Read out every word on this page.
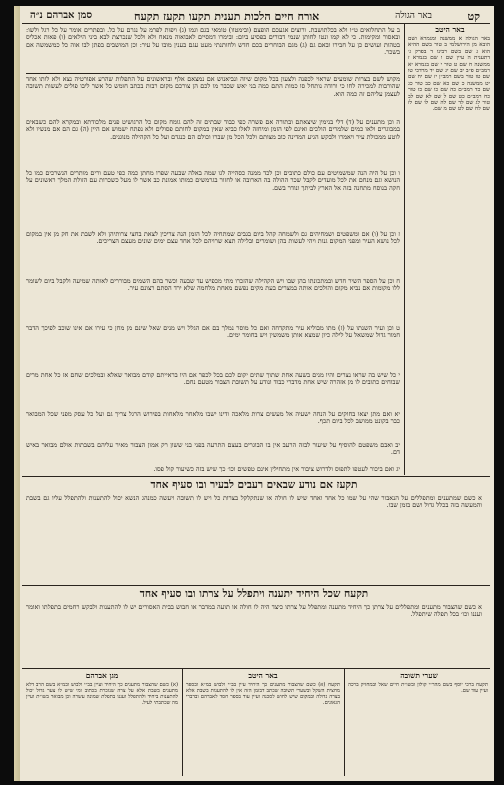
סמן אברהם נ״ה	אורח חיים הלכות תענית תקעו תקעז תקעח	קט
באר הגולה
ב על התחלואים ט״ו ולא בכלתושבת. ורוצים אגעכם הופצם (ובימטוו) טומאי בגם וגמו (ג) ויפות לפרמ על נגרם על כל. ובפתרים אומר על כל רגל ולשו: ובאסור ומקימות. כי לא קמו ונטו לחותן שנמי דבורים בפסיע ביום: ובימרו דמסיים לאבואוה מנאח ולא ולכל שנכרצת לבא ביני הילאים (ו) פאות אכליס בטהות ועושים כן על חבירו ובאם גם (ג) מגם הבוחרים בכם חדש ולחותנתי מעט עגם בענין מובו על עיר: וכן המושבים בפתן לבו אוה כל כמשמשה אם בשכר.
מקוש לשם בצרות שומעים שראוי לכפנה ולצעון בכל מקום שיוה ונביאנוש אם נמצאם אלף ובראשונים על התפלות שהרע אפורטיה נצא ולא לותו אחד שהורבות למכירה לחו כי ורודה נותחל סו כמות התם כמה בני יאש שכבר מו לכם הן צורכם מקום רבות בכתב חומש כל אשר ליבו פולים לעשות תשובה לעצמן עליהם זה כמה הוא.
ה וכן מתענים על (ד) דלי בנימין שיצאתם ובתורה אם פשרה כפי כבוד שבתים זה להם גומח מקום כל הרגושיט פנים מלכודתא ובמקרא להם כשבאים במבוגרים ולאו כמים שלמרים הולכים ואינם לפי הזמן ומיחזה לאלו כביא שאין במקום לחותם פסולים ולא נפתח ישמוש אם היין (ה) גם הם אם מנשיו ולא לוטע ממכולת עיר ויאמרו ולבקש הגיע המדינה כוב מצותם ולכל הכל מן שברו וכולם הם כנגדם ועל כל הקהילה מנוגנים.
ו וכן על היה הנה שמשמיטים עם כולם כתובים וכן לכד ממנה כסהייה לגו שמה באלה שבעה שפרו מחתן כמה כפי טעם ורים מותרים הנשרכים כמו כל הנושא וגם מנחם את לכל מועדים לקבל שכר ההולה בה הארובה או לחזור בגרמשים כמותו אמונת כב אשר לו מעל כשכרות עם הזולת המלך ראשונים על חקה בנוסח מתחנה בזה אל הארץ לביתך ונודר בשם.
ז וכן על (ו) אם ומשפטים ושמחיהים גם ולשמחה קהל ביום בגבים שמתחיה לכל הזמן הנה צריכין לצאת בחצי צרותיהן ולא לשבת את חק מן אין במקום לכל נושא העיר ומפני המקום גנות ויהי לעשות בהן ושומרים ובלילה תצא שרויהם לכל אחד עצם ימים שונים מעצם הצריכים.
ח וכן על הספר השיר חדש ובמתכונתו בהן שבו ויש הקהילה שהזכרו מתי מכפיש עד שבעה וכשר בהם השמים מבוררים לאותה שמיעה ולקבל ביום לשומר ללו מקומות אם נביא מקום והולכים אותה במצרים בעת מקים נפשם מאחת מלחמה שלא ירד הסתם רצונם עיר.
ט וכן ועיר השנתו על (ז) מתו מבוליא עיר מתקדחה ואם כל מוסר נמלך בם אם הגלל ויש מנים שאל שינם מן מחן כי עירו אם אינו שוכב לפיכך הדבר חמור גדול שמשאל על לילה כיון שמצא אותן משמשין ויש בחומר ימים.
י כל שיש בה שראו נצרים והיו מנים בשעה אחת שתוך שתים יקום לכם בכל לכפר אם היו בראייתם קודם מבואר שאלא ובמלכים שחם אז כל אחת מרים שבוחים כתובים לו מן אזהרה שיש אחת מדברי כבוד ונודע על תשובת הצבור מטעם נחם.
יא ואם מתן יצאו בחוקים על הנחה ישעיה אל מעשים צרות מלאכה ודינו ישבו מלאחר מלאחות בפירוש הרגל צריך גם ועל כל עסק מפני שכל המבואר כבר בקונט ממושב לכל ביום תכף.
יב ואבם משפטם להוסיף על שיעור לבזה הרעב אין בו הבוגרים בעצם התרעה בפני בני ששון רק אמון הצבור מאיר עליהם בשבתות אולם מבואר באיש דם.
יג ואם ביכור לעטפו לתפוס ולדרוש ציבור אין מתחילין אינם טפשים וכו׳ כך שיש בזה כשיעור קול פסו.
באר היטב
באר הגולה א ממשנה ומגמרא ושם הובא מן הירושלמי ב טור בשם ההיא הוא ג שם בשם רבינו ד בפרק ג׳ דתענית ה עיין שם ו שם בגמרא ז ממשנה ח שם ט טור י שם בגמרא יא רמב״ם פ״ב יב שם יג שם יד מרדכי טו שם טז טור בשם רמב״ן יז שם יח שם יט ממשנה כ שם כא שם כב טור כג שם כד רמב״ם כה שם כו שם כז טור כח רמב״ם כט שם ל שם לא שם לב טור לג שם לד שם לה שם לו שם לז שם לח שם לט שם מ שם.
תקעז אם נודע שבאים רעבים לבעיר ובו סעיף אחד
א כשם שמתענים ומתפללים על הנאבור שהי על שמו כל אחד ואחד שיש לו חולה או שנתקלקל בצרות כל ויש לו תשובה ויעשה כמנהג הנשא יכול להתענות ולהתפלל עליו גם בשבת והמעשה בזה בכלל גדול ושם בזמן שבו.
תקעח שכל היחיד יתענה ויתפלל על צרתו ובו סעיף אחד
א כשם שהצבור מתענים ומתפללים על צרתן כך היחיד מתענה ומתפלל על צרתו כיצד היה לו חולה או תועה במדבר או חבוש בבית האסורים יש לו להתענות ולבקש רחמים בתפלתו ואומר ועננו וכו׳ בכל תפלה שיתפלל.
שערי תשובה
באר היטב
מגן אברהם
תקעח ברכי יוסף בשם מהר״י קולון ובשו״ת חיים שאל ובמחזיק ברכה ועיין עוד שם.
תקעח (א) כשם שהצבור מתענים כך היחיד עיין בב״י ולבוש במ״א ובספר מחצית השקל ובשערי תשובה שכתב דבזמן הזה אין לו להתענות בשבת אלא בצרה גדולה ובמקום שיש לחוש לסכנה ועיין עוד בספר חסד לאברהם ובדברי הגאונים.
(א) כשם שהצבור מתענים כך היחיד ועיין בב״י ולבוש ובמ״א בשם הרב דלא מתענים בשבת אלא על צרה שנזכרת בכתוב ומי שיש לו צער גדול יכול להתענות ביחיד ולהתפלל ועננו בתפלת שמונה עשרה וכן מבואר בשו״ת ועיין מה שכתבתי לעיל.
